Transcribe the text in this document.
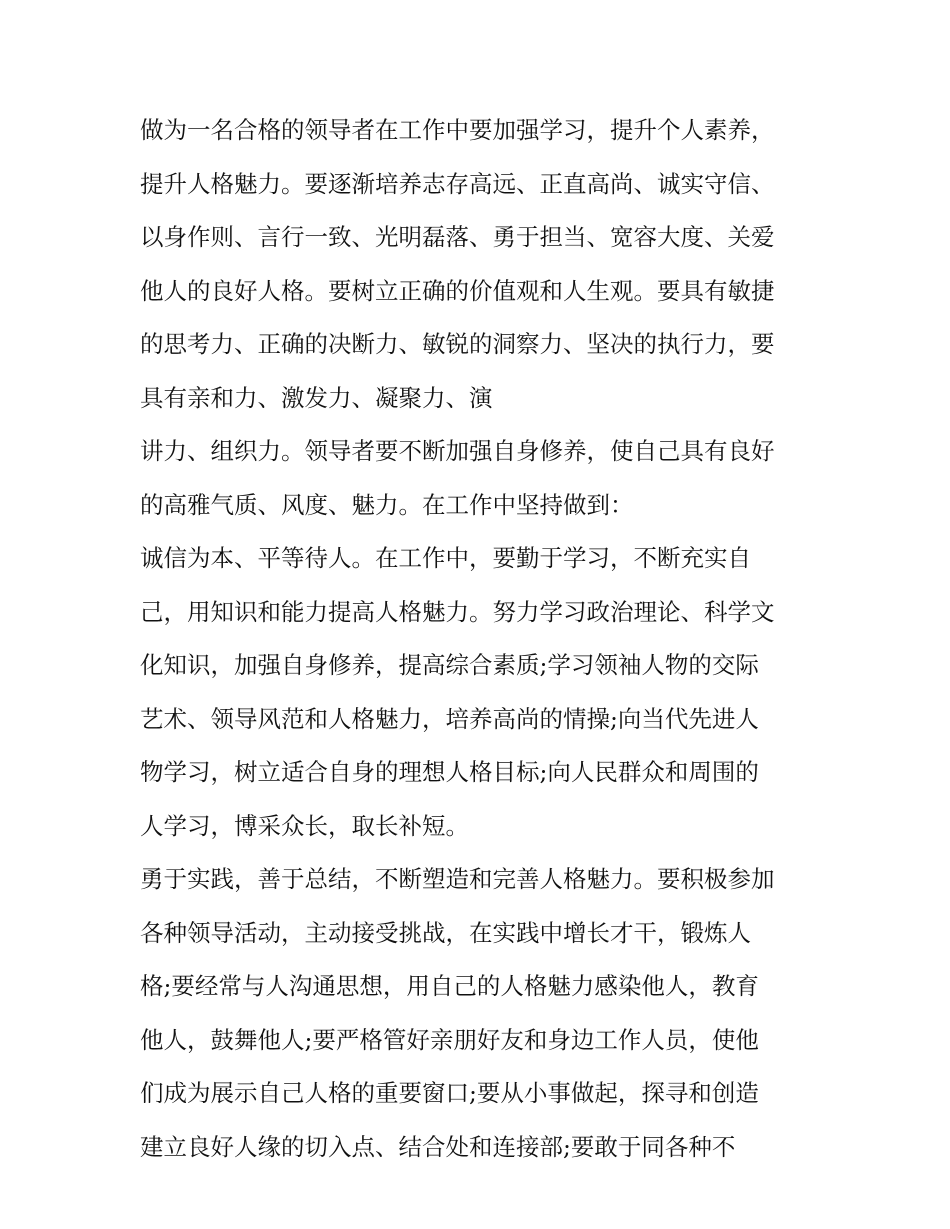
做为一名合格的领导者在工作中要加强学习，提升个人素养，
提升人格魅力。要逐渐培养志存高远、正直高尚、诚实守信、
以身作则、言行一致、光明磊落、勇于担当、宽容大度、关爱
他人的良好人格。要树立正确的价值观和人生观。要具有敏捷
的思考力、正确的决断力、敏锐的洞察力、坚决的执行力，要
具有亲和力、激发力、凝聚力、演
讲力、组织力。领导者要不断加强自身修养，使自己具有良好
的高雅气质、风度、魅力。在工作中坚持做到：
诚信为本、平等待人。在工作中，要勤于学习，不断充实自
己，用知识和能力提高人格魅力。努力学习政治理论、科学文
化知识，加强自身修养，提高综合素质;学习领袖人物的交际
艺术、领导风范和人格魅力，培养高尚的情操;向当代先进人
物学习，树立适合自身的理想人格目标;向人民群众和周围的
人学习，博采众长，取长补短。
勇于实践，善于总结，不断塑造和完善人格魅力。要积极参加
各种领导活动，主动接受挑战，在实践中增长才干，锻炼人
格;要经常与人沟通思想，用自己的人格魅力感染他人，教育
他人，鼓舞他人;要严格管好亲朋好友和身边工作人员，使他
们成为展示自己人格的重要窗口;要从小事做起，探寻和创造
建立良好人缘的切入点、结合处和连接部;要敢于同各种不
